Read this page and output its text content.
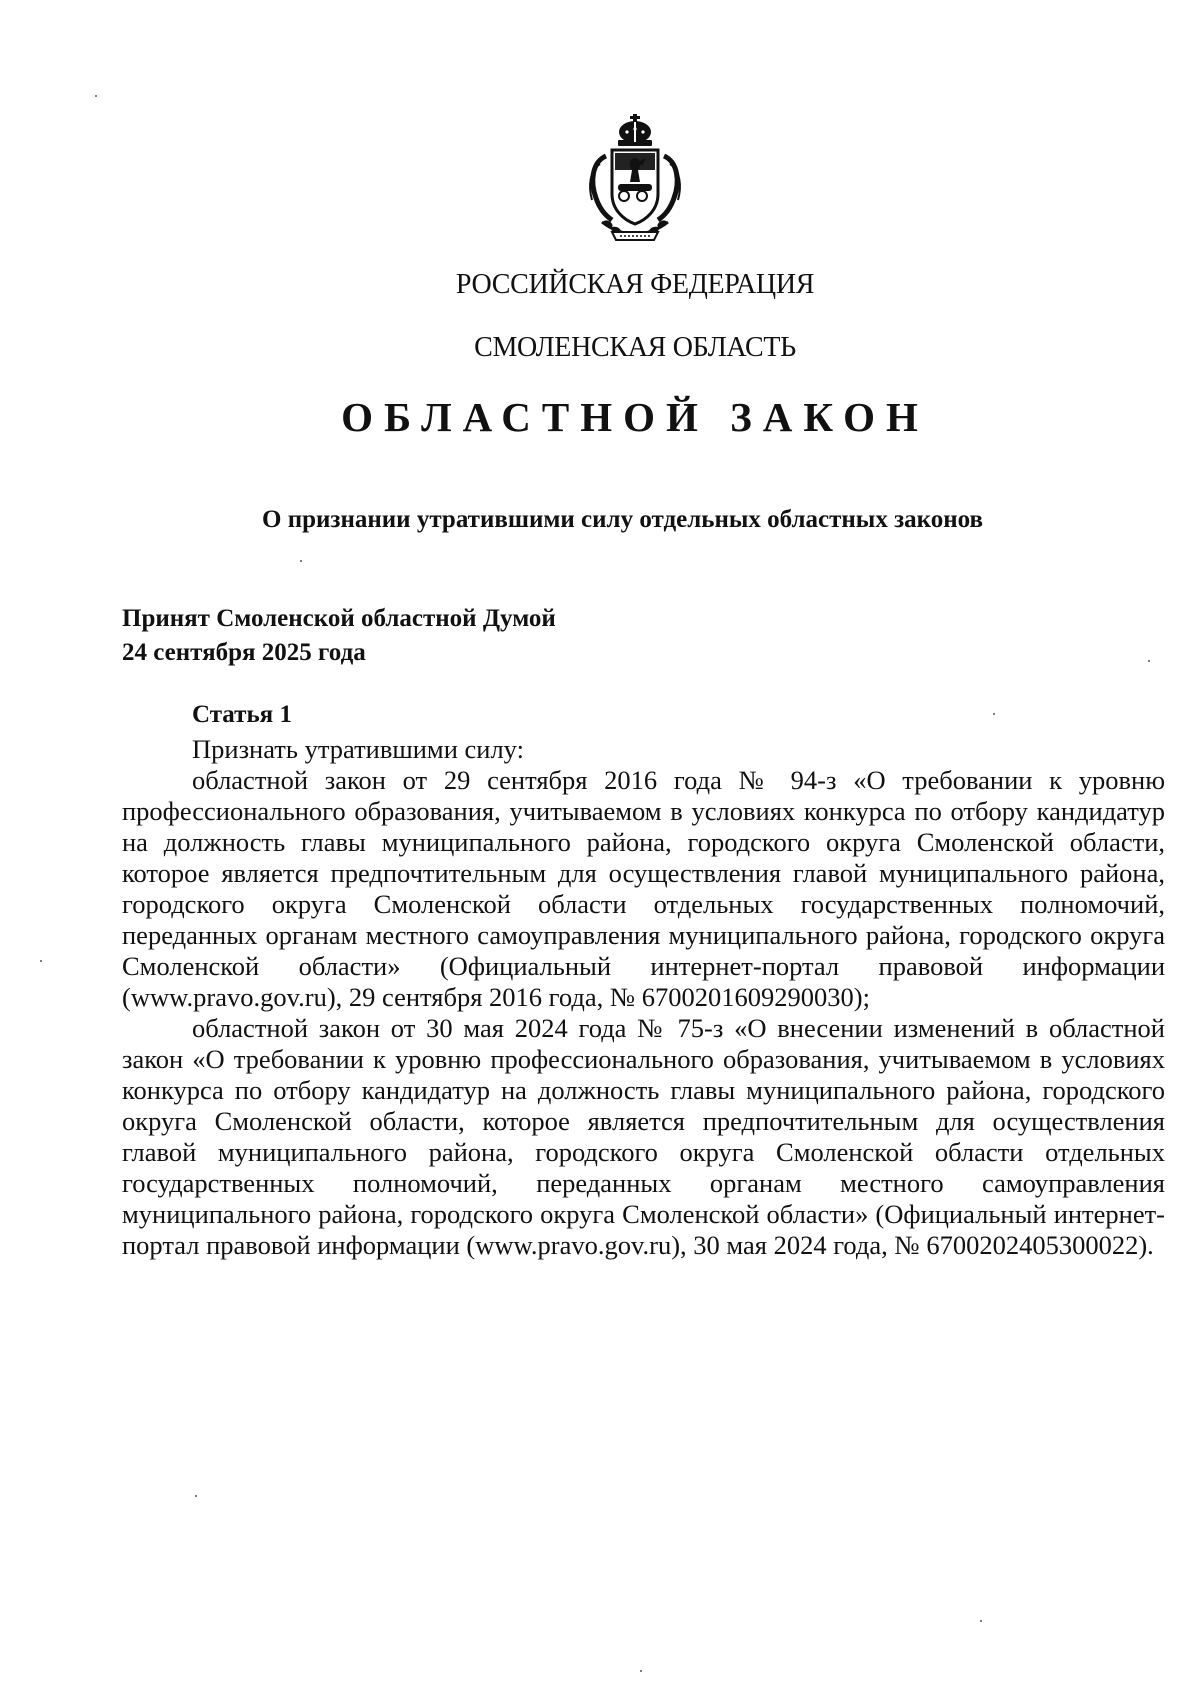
РОССИЙСКАЯ ФЕДЕРАЦИЯ
СМОЛЕНСКАЯ ОБЛАСТЬ
ОБЛАСТНОЙ ЗАКОН
О признании утратившими силу отдельных областных законов
Принят Смоленской областной Думой
24 сентября 2025 года
Статья 1

Признать утратившими силу:

областной закон от 29 сентября 2016 года № 94-з «О требовании к уровню профессионального образования, учитываемом в условиях конкурса по отбору кандидатур на должность главы муниципального района, городского округа Смоленской области, которое является предпочтительным для осуществления главой муниципального района, городского округа Смоленской области отдельных государственных полномочий, переданных органам местного самоуправления муниципального района, городского округа Смоленской области» (Официальный интернет-портал правовой информации (www.pravo.gov.ru), 29 сентября 2016 года, № 6700201609290030);

областной закон от 30 мая 2024 года № 75-з «О внесении изменений в областной закон «О требовании к уровню профессионального образования, учитываемом в условиях конкурса по отбору кандидатур на должность главы муниципального района, городского округа Смоленской области, которое является предпочтительным для осуществления главой муниципального района, городского округа Смоленской области отдельных государственных полномочий, переданных органам местного самоуправления муниципального района, городского округа Смоленской области» (Официальный интернет-портал правовой информации (www.pravo.gov.ru), 30 мая 2024 года, № 6700202405300022).
